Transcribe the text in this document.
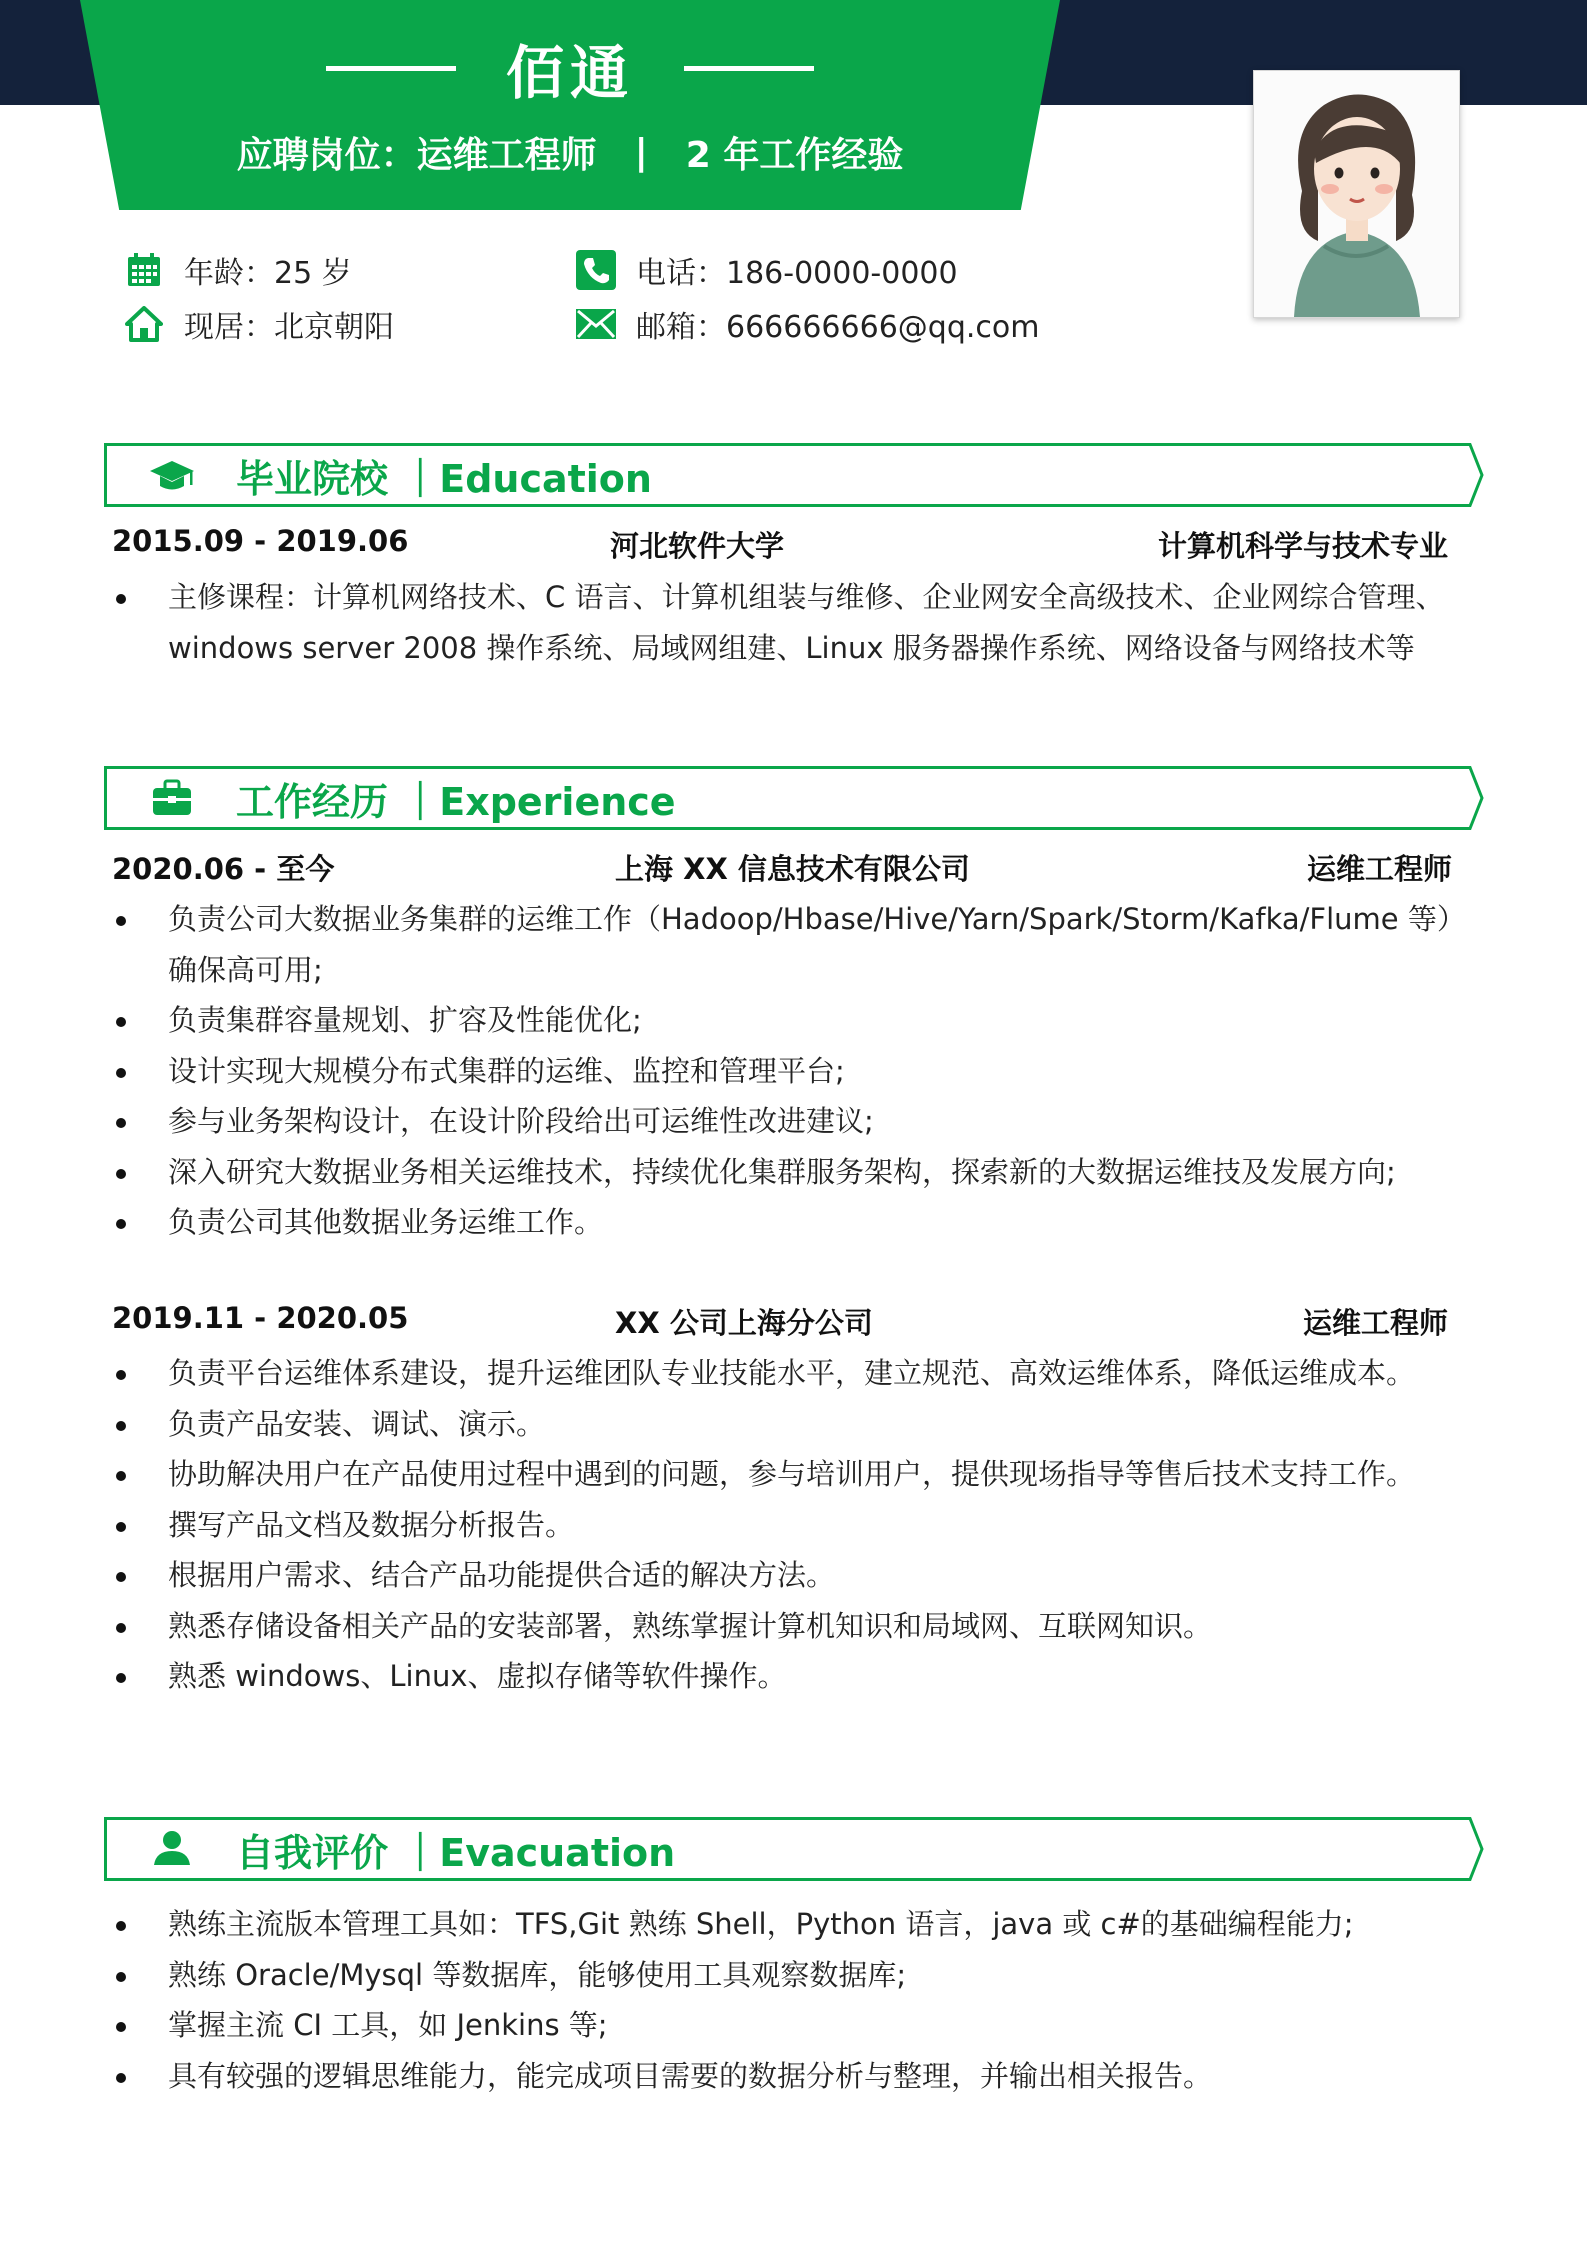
佰通
应聘岗位：运维工程师 | 2 年工作经验
年龄：25 岁
现居：北京朝阳
电话：186-0000-0000
邮箱：666666666@qq.com
毕业院校 ｜Education
2015.09 - 2019.06	河北软件大学	计算机科学与技术专业
主修课程：计算机网络技术、C 语言、计算机组装与维修、企业网安全高级技术、企业网综合管理、windows server 2008 操作系统、局域网组建、Linux 服务器操作系统、网络设备与网络技术等
工作经历 ｜Experience
2020.06 - 至今	上海 XX 信息技术有限公司	运维工程师
负责公司大数据业务集群的运维工作（Hadoop/Hbase/Hive/Yarn/Spark/Storm/Kafka/Flume 等）确保高可用;
负责集群容量规划、扩容及性能优化;
设计实现大规模分布式集群的运维、监控和管理平台;
参与业务架构设计，在设计阶段给出可运维性改进建议;
深入研究大数据业务相关运维技术，持续优化集群服务架构，探索新的大数据运维技及发展方向;
负责公司其他数据业务运维工作。
2019.11 - 2020.05	XX 公司上海分公司	运维工程师
负责平台运维体系建设，提升运维团队专业技能水平，建立规范、高效运维体系，降低运维成本。
负责产品安装、调试、演示。
协助解决用户在产品使用过程中遇到的问题，参与培训用户，提供现场指导等售后技术支持工作。
撰写产品文档及数据分析报告。
根据用户需求、结合产品功能提供合适的解决方法。
熟悉存储设备相关产品的安装部署，熟练掌握计算机知识和局域网、互联网知识。
熟悉 windows、Linux、虚拟存储等软件操作。
自我评价 ｜Evacuation
熟练主流版本管理工具如：TFS,Git 熟练 Shell，Python 语言，java 或 c#的基础编程能力;
熟练 Oracle/Mysql 等数据库，能够使用工具观察数据库;
掌握主流 CI 工具，如 Jenkins 等;
具有较强的逻辑思维能力，能完成项目需要的数据分析与整理，并输出相关报告。
